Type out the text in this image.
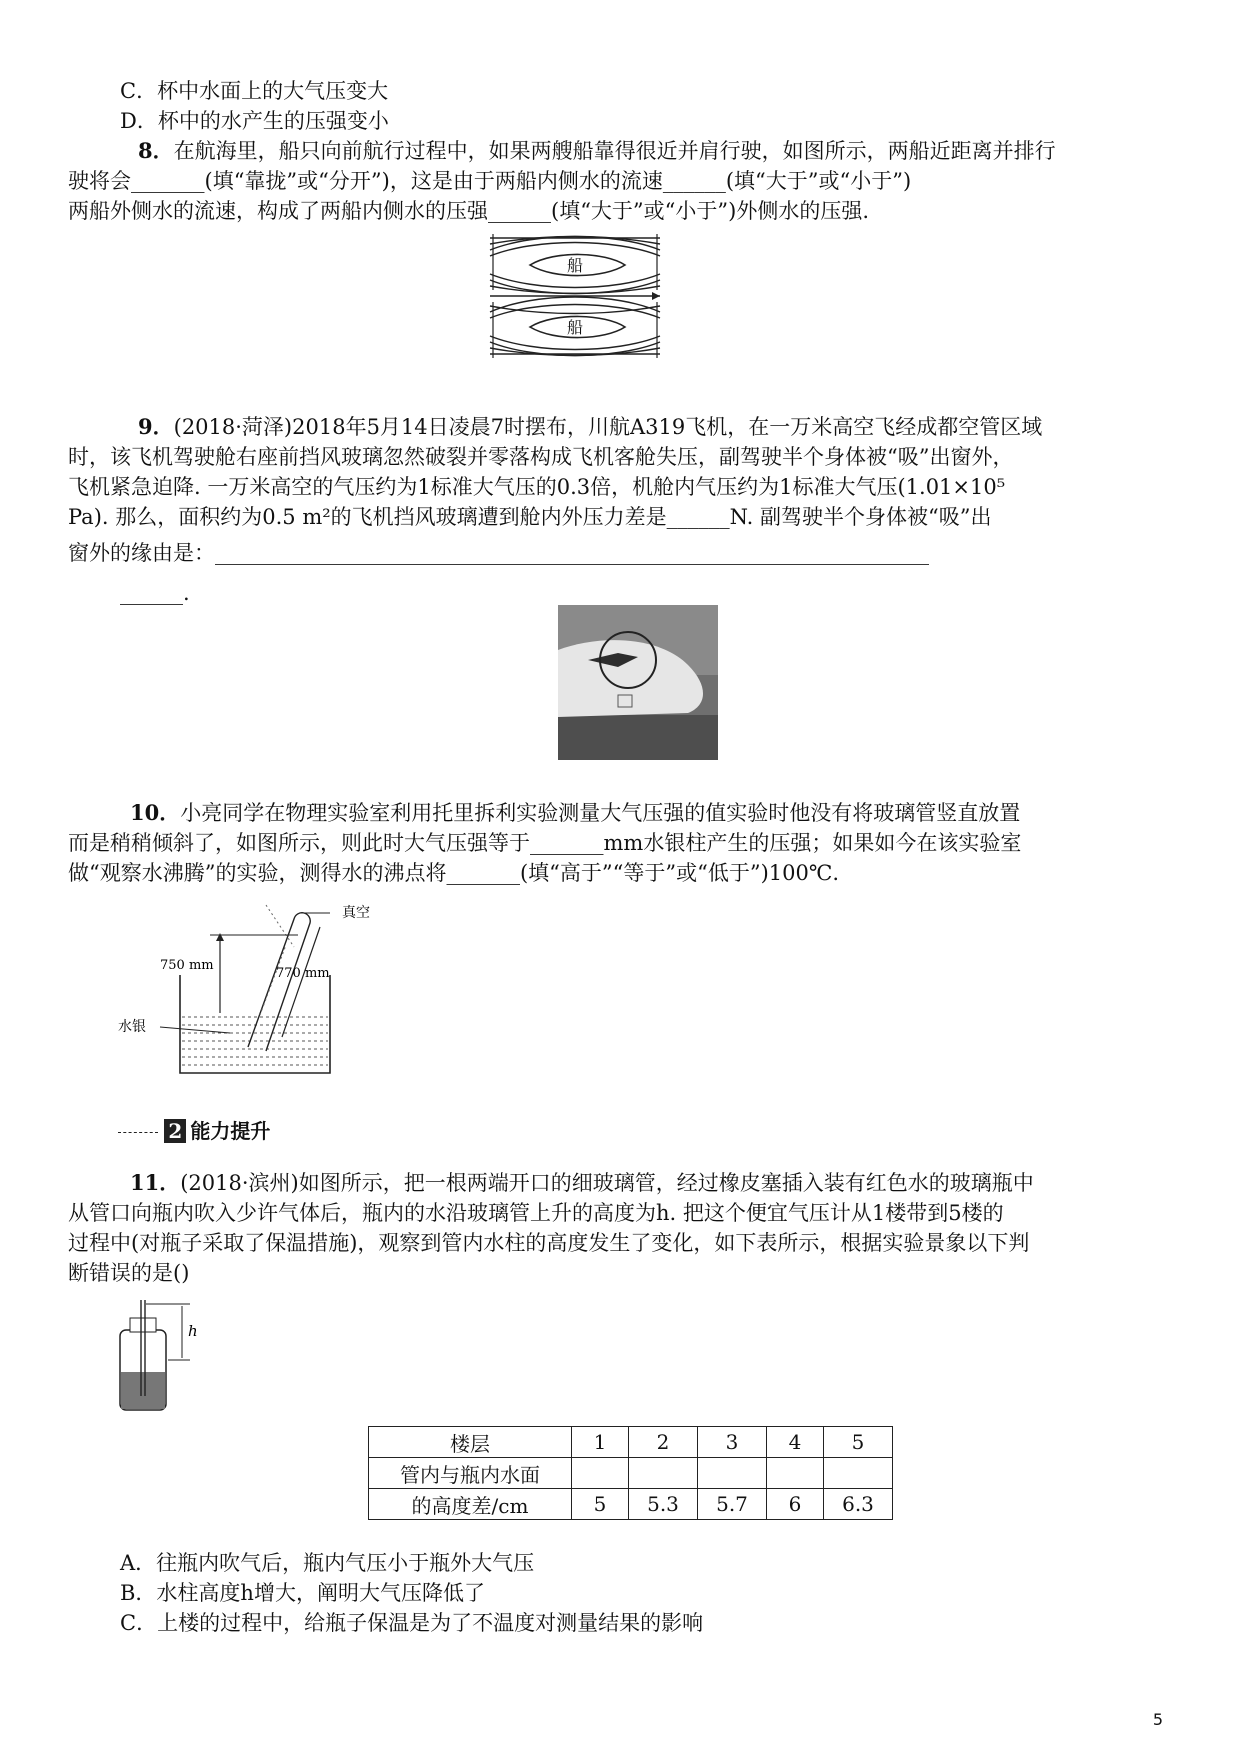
C．杯中水面上的大气压变大
D．杯中的水产生的压强变小
8．在航海里，船只向前航行过程中，如果两艘船靠得很近并肩行驶，如图所示，两船近距离并排行
驶将会_______(填“靠拢”或“分开”)，这是由于两船内侧水的流速______(填“大于”或“小于”)
两船外侧水的流速，构成了两船内侧水的压强______(填“大于”或“小于”)外侧水的压强.
船
船
9．(2018·菏泽)2018年5月14日凌晨7时摆布，川航A319飞机，在一万米高空飞经成都空管区域
时，该飞机驾驶舱右座前挡风玻璃忽然破裂并零落构成飞机客舱失压，副驾驶半个身体被“吸”出窗外，
飞机紧急迫降. 一万米高空的气压约为1标准大气压的0.3倍，机舱内气压约为1标准大气压(1.01×10⁵
Pa). 那么，面积约为0.5 m²的飞机挡风玻璃遭到舱内外压力差是______N. 副驾驶半个身体被“吸”出
窗外的缘由是：____________________________________________________________________
______.
10．小亮同学在物理实验室利用托里拆利实验测量大气压强的值实验时他没有将玻璃管竖直放置
而是稍稍倾斜了，如图所示，则此时大气压强等于_______mm水银柱产生的压强；如果如今在该实验室
做“观察水沸腾”的实验，测得水的沸点将_______(填“高于”“等于”或“低于”)100℃.
真空
750 mm
770 mm
水银
2 能力提升
11．(2018·滨州)如图所示，把一根两端开口的细玻璃管，经过橡皮塞插入装有红色水的玻璃瓶中
从管口向瓶内吹入少许气体后，瓶内的水沿玻璃管上升的高度为h. 把这个便宜气压计从1楼带到5楼的
过程中(对瓶子采取了保温措施)，观察到管内水柱的高度发生了变化，如下表所示，根据实验景象以下判
断错误的是()
h
楼层	1	2	3	4	5
管内与瓶内水面					
的高度差/cm	5	5.3	5.7	6	6.3
A．往瓶内吹气后，瓶内气压小于瓶外大气压
B．水柱高度h增大，阐明大气压降低了
C．上楼的过程中，给瓶子保温是为了不温度对测量结果的影响
5
